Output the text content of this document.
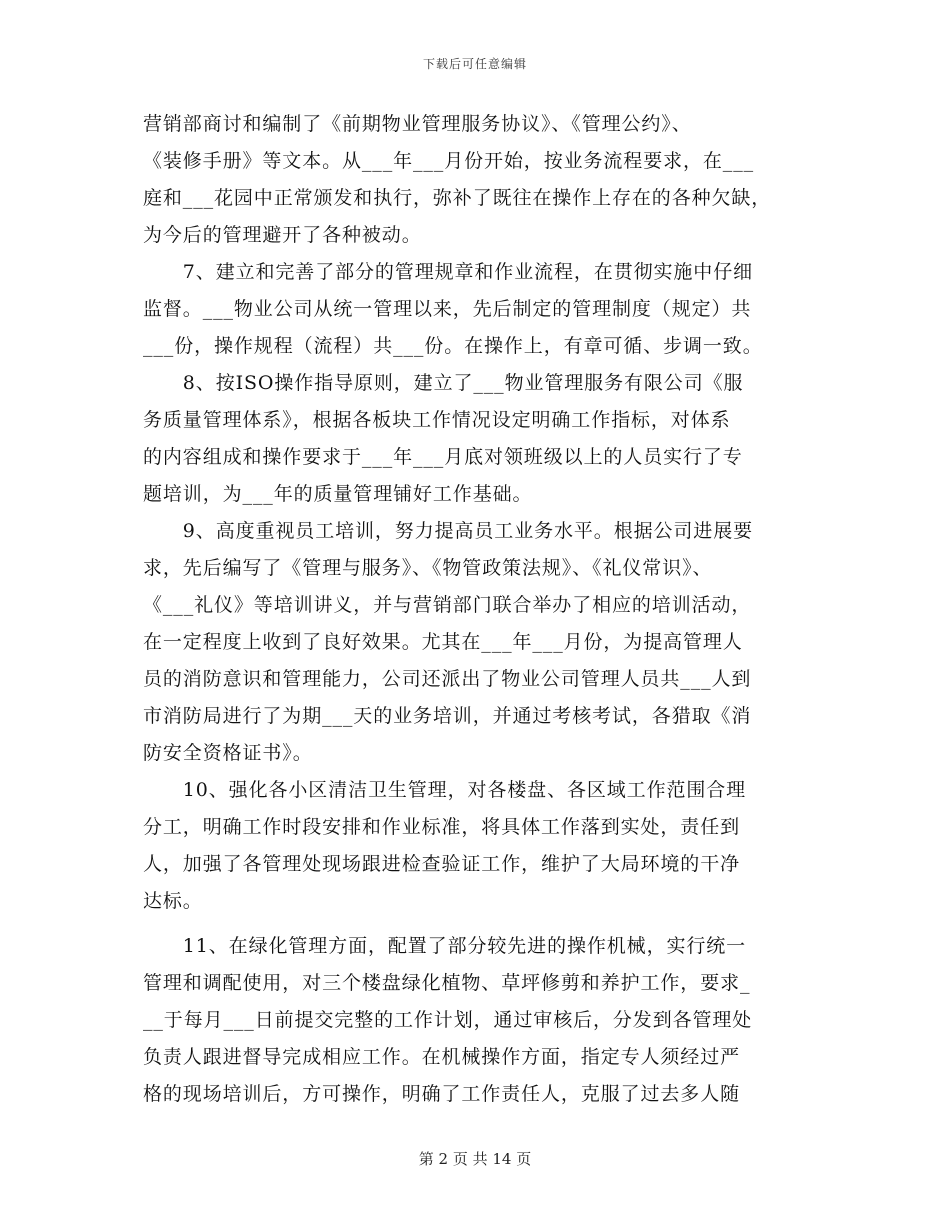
下载后可任意编辑

营销部商讨和编制了《前期物业管理服务协议》、《管理公约》、
《装修手册》等文本。从___年___月份开始，按业务流程要求，在___
庭和___花园中正常颁发和执行，弥补了既往在操作上存在的各种欠缺，
为今后的管理避开了各种被动。

　　7、建立和完善了部分的管理规章和作业流程，在贯彻实施中仔细
监督。___物业公司从统一管理以来，先后制定的管理制度（规定）共
___份，操作规程（流程）共___份。在操作上，有章可循、步调一致。

　　8、按ISO操作指导原则，建立了___物业管理服务有限公司《服
务质量管理体系》，根据各板块工作情况设定明确工作指标，对体系
的内容组成和操作要求于___年___月底对领班级以上的人员实行了专
题培训，为___年的质量管理铺好工作基础。

　　9、高度重视员工培训，努力提高员工业务水平。根据公司进展要
求，先后编写了《管理与服务》、《物管政策法规》、《礼仪常识》、
《___礼仪》等培训讲义，并与营销部门联合举办了相应的培训活动，
在一定程度上收到了良好效果。尤其在___年___月份，为提高管理人
员的消防意识和管理能力，公司还派出了物业公司管理人员共___人到
市消防局进行了为期___天的业务培训，并通过考核考试，各猎取《消
防安全资格证书》。

　　10、强化各小区清洁卫生管理，对各楼盘、各区域工作范围合理
分工，明确工作时段安排和作业标准，将具体工作落到实处，责任到
人，加强了各管理处现场跟进检查验证工作，维护了大局环境的干净
达标。

　　11、在绿化管理方面，配置了部分较先进的操作机械，实行统一
管理和调配使用，对三个楼盘绿化植物、草坪修剪和养护工作，要求_
__于每月___日前提交完整的工作计划，通过审核后，分发到各管理处
负责人跟进督导完成相应工作。在机械操作方面，指定专人须经过严
格的现场培训后，方可操作，明确了工作责任人，克服了过去多人随

第 2 页 共 14 页
